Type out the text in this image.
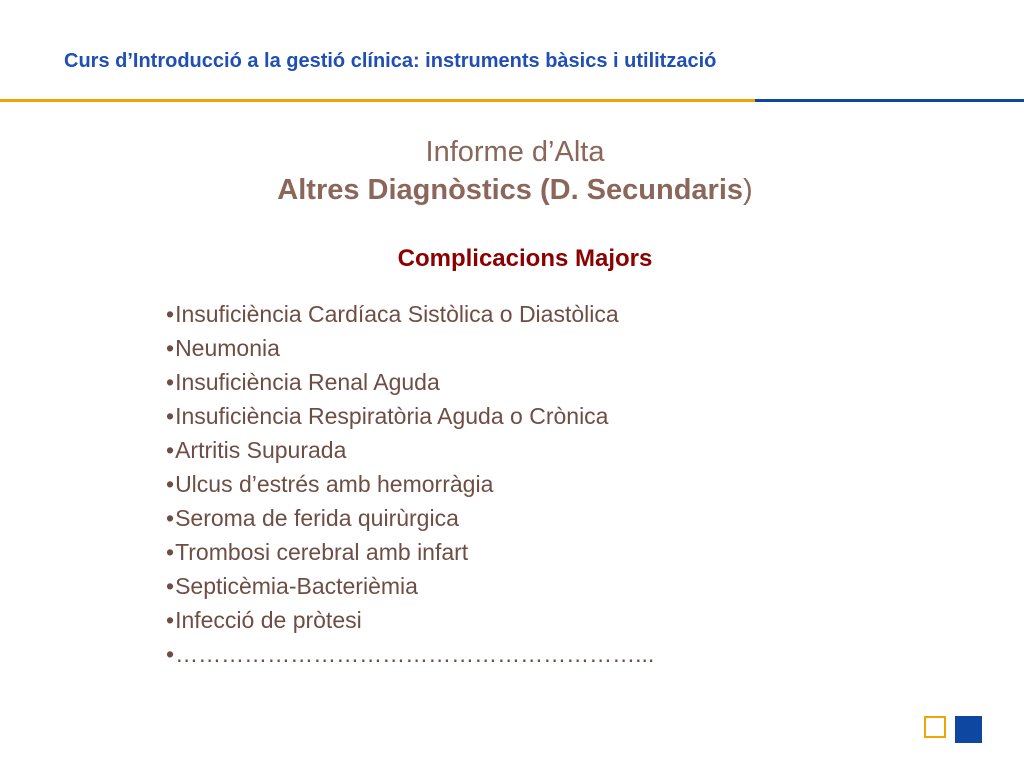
Curs d’Introducció a la gestió clínica: instruments bàsics i utilització
Informe d’Alta
Altres Diagnòstics (D. Secundaris)
Complicacions Majors
•Insuficiència Cardíaca Sistòlica o Diastòlica
•Neumonia
•Insuficiència Renal Aguda
•Insuficiència Respiratòria Aguda o Crònica
•Artritis Supurada
•Ulcus d’estrés amb hemorràgia
•Seroma de ferida quirùrgica
•Trombosi cerebral amb infart
•Septicèmia-Bacterièmia
•Infecció de pròtesi
•……………………………………………………...
